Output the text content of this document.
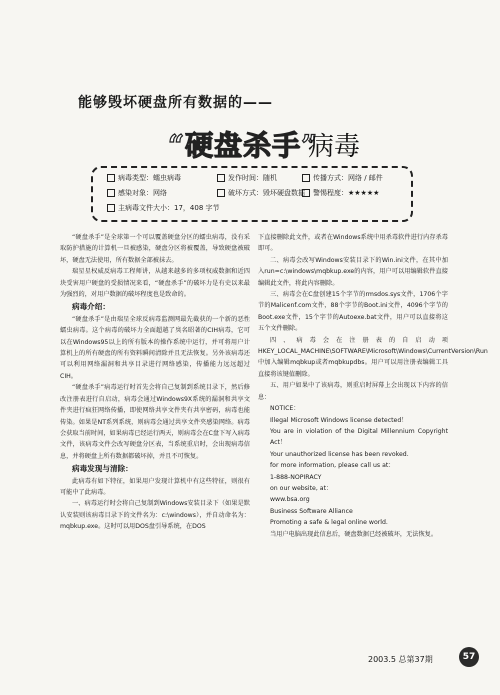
能够毁坏硬盘所有数据的——
“硬盘杀手”
病毒
病毒类型：蠕虫病毒	发作时间：随机	传播方式：网络 / 邮件
感染对象：网络	破坏方式：毁坏硬盘数据	警惕程度：★★★★★
主病毒文件大小：17，408 字节

“硬盘杀手”是全球第一个可以覆盖硬盘分区的蠕虫病毒，没有采取防护措施的计算机一旦被感染，硬盘分区将被覆盖，导致硬盘被破坏，硬盘无法使用，所有数据全部被抹去。

瑞星星权威反病毒工程师讲，从越来越多的多项权威数据和近四块受害用户硬盘的受损情况来看，“硬盘杀手”的破坏力是有史以来最为强烈的，对用户数据的破坏程度也是致命的。

病毒介绍：

“硬盘杀手”是由瑞星全球反病毒监测网最先截获的一个新的恶性蠕虫病毒。这个病毒的破坏力全面超越了臭名昭著的CIH病毒，它可以在Windows95以上的所有版本的操作系统中运行，并可将用户计算机上的所有硬盘的所有资料瞬间清除并且无法恢复。另外该病毒还可以利用网络漏洞和共享目录进行网络感染，传播能力远远超过CIH。

“硬盘杀手”病毒运行时首先会将自己复制到系统目录下，然后修改注册表进行自启动，病毒会通过Windows9X系统的漏洞和共享文件夹进行疯狂网络传播，即使网络共享文件夹有共享密码，病毒也能传染。如果是NT系列系统，则病毒会通过共享文件夹感染网络。病毒会获取当前时间，如果病毒已经运行两天，则病毒会在C盘下写入病毒文件，该病毒文件会改写硬盘分区表，当系统重启时，会出现病毒信息，并将硬盘上所有数据都破坏掉，并且不可恢复。

病毒发现与清除：

此病毒有如下特征，如果用户发现计算机中有这些特征，则很有可能中了此病毒。

一、病毒运行时会将自己复制到Windows安装目录下（如果是默认安装则该病毒目录下的文件名为：c:\windows），并自动命名为：mqbkup.exe。这时可以用DOS盘引导系统，在DOS

下直接删除此文件，或者在Windows系统中用杀毒软件进行内存杀毒即可。

二、病毒会改写Windows安装目录下的Win.ini文件，在其中加入run=c:\windows\mqbkup.exe的内容，用户可以用编辑软件直接编辑此文件，将此内容删除。

三、病毒会在C盘创建15个字节的rmsdos.sys文件，1706个字节的Malicenf.com文件，88个字节的Boot.ini文件，4096个字节的Boot.exe文件，15个字节的Autoexe.bat文件，用户可以直接将这五个文件删除。

四、病毒会在注册表的自启动项 HKEY_LOCAL_MACHINE\SOFTWARE\Microsoft\Windows\CurrentVersion\Run中加入编辑mqbkup或者mqbkupdbs。用户可以用注册表编辑工具直接将该键值删除。

五、用户如果中了该病毒，则重启时屏幕上会出现以下内容的信息：

NOTICE：
Illegal Microsoft Windows license detected！
You are in violation of the Digital Millennium Copyright Act！
Your unauthorized license has been revoked.
for more information, please call us at：
1-888-NOPIRACY
on our website, at：
www.bsa.org
Business Software Alliance
Promoting a safe & legal online world.

当用户电脑出现此信息后，硬盘数据已经被破坏，无法恢复。

2003.5 总第37期	57
